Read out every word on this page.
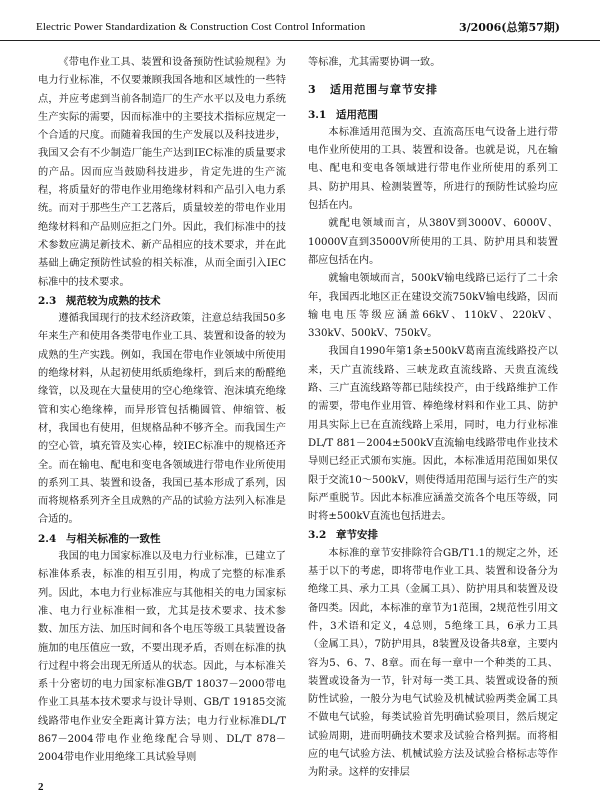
Electric Power Standardization & Construction Cost Control Information	3/2006(总第57期)

《带电作业工具、装置和设备预防性试验规程》为电力行业标准，不仅要兼顾我国各地和区域性的一些特点，并应考虑到当前各制造厂的生产水平以及电力系统生产实际的需要，因而标准中的主要技术指标应规定一个合适的尺度。而随着我国的生产发展以及科技进步，我国又会有不少制造厂能生产达到IEC标准的质量要求的产品。因而应当鼓励科技进步，肯定先进的生产流程，将质量好的带电作业用绝缘材料和产品引入电力系统。而对于那些生产工艺落后，质量较差的带电作业用绝缘材料和产品则应拒之门外。因此，我们标准中的技术参数应满足新技术、新产品相应的技术要求，并在此基础上确定预防性试验的相关标准，从而全面引入IEC标准中的技术要求。

2.3 规范较为成熟的技术

遵循我国现行的技术经济政策，注意总结我国50多年来生产和使用各类带电作业工具、装置和设备的较为成熟的生产实践。例如，我国在带电作业领域中所使用的绝缘材料，从起初使用纸质绝缘杆，到后来的酚醛绝缘管，以及现在大量使用的空心绝缘管、泡沫填充绝缘管和实心绝缘棒，而异形管包括椭圆管、伸缩管、板材，我国也有使用，但规格品种不够齐全。而我国生产的空心管，填充管及实心棒，较IEC标准中的规格还齐全。而在输电、配电和变电各领域进行带电作业所使用的系列工具、装置和设备，我国已基本形成了系列，因而将规格系列齐全且成熟的产品的试验方法列入标准是合适的。

2.4 与相关标准的一致性

我国的电力国家标准以及电力行业标准，已建立了标准体系表，标准的相互引用，构成了完整的标准系列。因此，本电力行业标准应与其他相关的电力国家标准、电力行业标准相一致，尤其是技术要求、技术参数、加压方法、加压时间和各个电压等级工具装置设备施加的电压值应一致，不要出现矛盾，否则在标准的执行过程中将会出现无所适从的状态。因此，与本标准关系十分密切的电力国家标准GB/T 18037－2000带电作业工具基本技术要求与设计导则、GB/T 19185交流线路带电作业安全距离计算方法；电力行业标准DL/T 867－2004带电作业绝缘配合导则、DL/T 878－2004带电作业用绝缘工具试验导则

等标准，尤其需要协调一致。

3 适用范围与章节安排
3.1 适用范围

本标准适用范围为交、直流高压电气设备上进行带电作业所使用的工具、装置和设备。也就是说，凡在输电、配电和变电各领域进行带电作业所使用的系列工具、防护用具、检测装置等，所进行的预防性试验均应包括在内。

就配电领域而言，从380V到3000V、6000V、10000V直到35000V所使用的工具、防护用具和装置都应包括在内。

就输电领域而言，500kV输电线路已运行了二十余年，我国西北地区正在建设交流750kV输电线路，因而输电电压等级应涵盖66kV、110kV、220kV、330kV、500kV、750kV。

我国自1990年第1条±500kV葛南直流线路投产以来，天广直流线路、三峡龙政直流线路、天贵直流线路、三广直流线路等都已陆续投产，由于线路维护工作的需要，带电作业用管、棒绝缘材料和作业工具、防护用具实际上已在直流线路上采用，同时，电力行业标准DL/T 881－2004±500kV直流输电线路带电作业技术导则已经正式颁布实施。因此，本标准适用范围如果仅限于交流10～500kV，则使得适用范围与运行生产的实际严重脱节。因此本标准应涵盖交流各个电压等级，同时将±500kV直流也包括进去。

3.2 章节安排

本标准的章节安排除符合GB/T1.1的规定之外，还基于以下的考虑，即将带电作业工具、装置和设备分为绝缘工具、承力工具（金属工具）、防护用具和装置及设备四类。因此，本标准的章节为1范围，2规范性引用文件，3术语和定义，4总则，5绝缘工具，6承力工具（金属工具），7防护用具，8装置及设备共8章，主要内容为5、6、7、8章。而在每一章中一个种类的工具、装置或设备为一节，针对每一类工具、装置或设备的预防性试验，一般分为电气试验及机械试验两类金属工具不做电气试验，每类试验首先明确试验项目，然后规定试验周期，进而明确技术要求及试验合格判据。而将相应的电气试验方法、机械试验方法及试验合格标志等作为附录。这样的安排层

2
